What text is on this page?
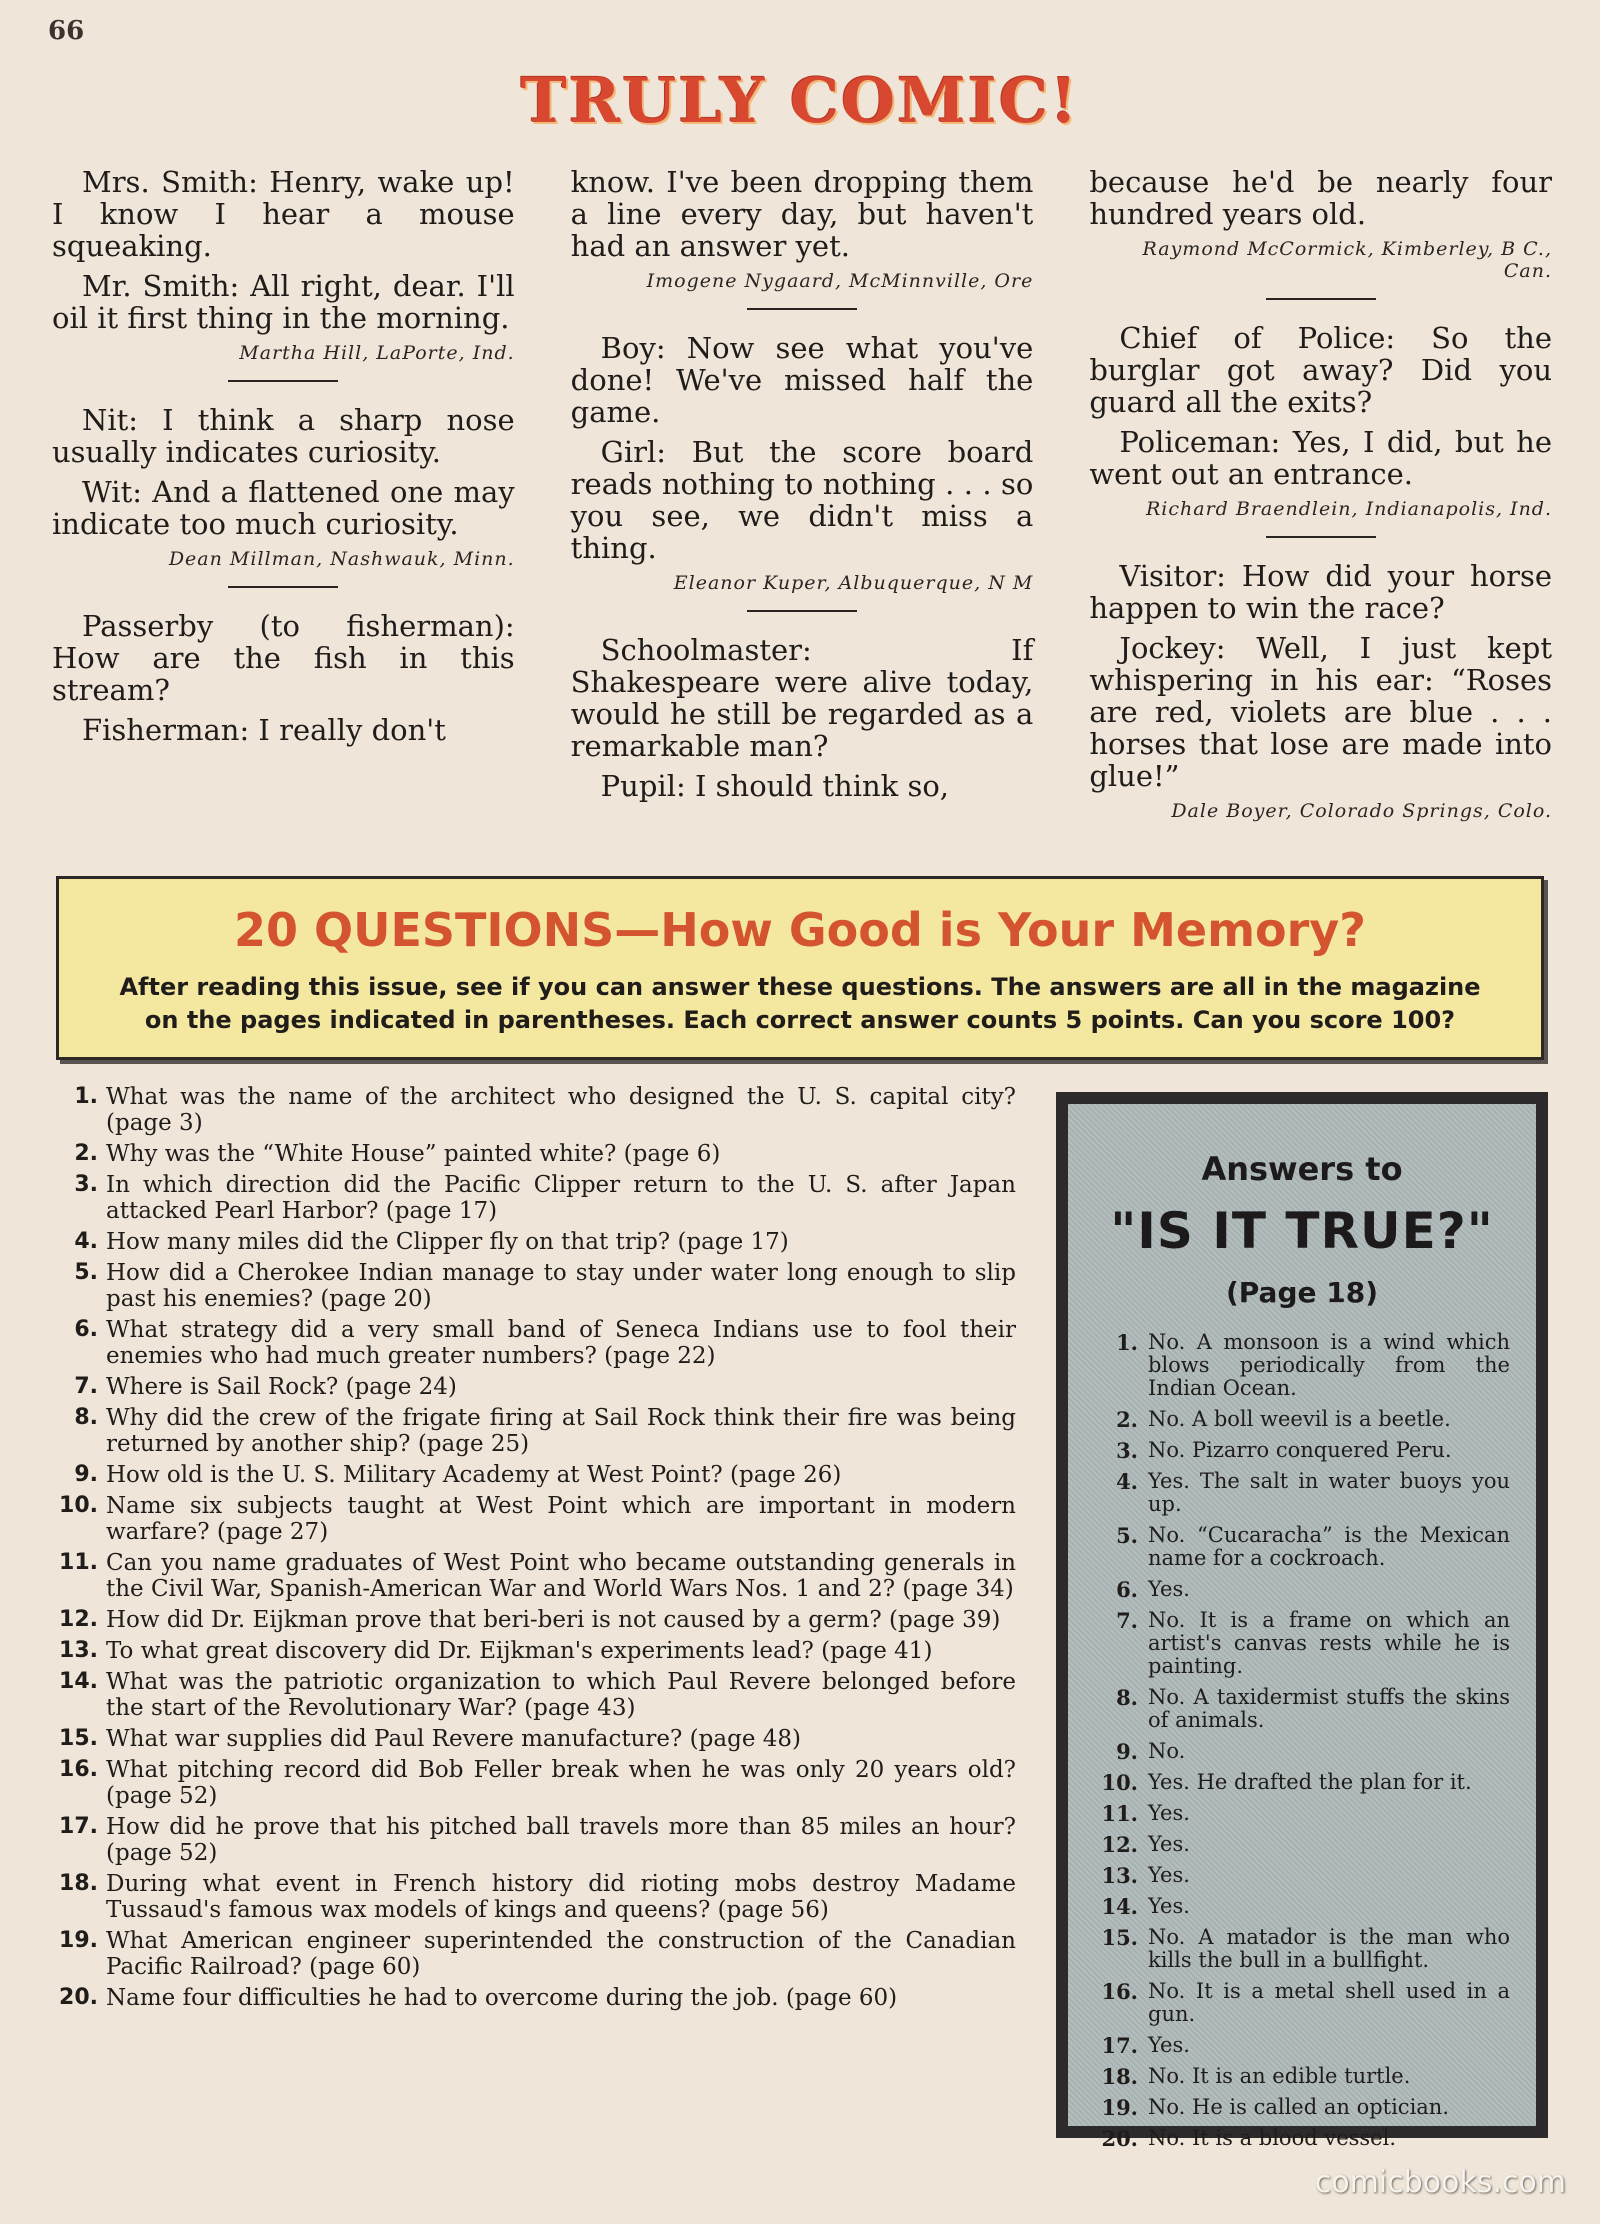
66
TRULY COMIC!

Mrs. Smith: Henry, wake up! I know I hear a mouse squeaking.

Mr. Smith: All right, dear. I'll oil it first thing in the morning.

Martha Hill, LaPorte, Ind.

Nit: I think a sharp nose usually indicates curiosity.

Wit: And a flattened one may indicate too much curiosity.

Dean Millman, Nashwauk, Minn.

Passerby (to fisherman): How are the fish in this stream?

Fisherman: I really don't

know. I've been dropping them a line every day, but haven't had an answer yet.

Imogene Nygaard, McMinnville, Ore

Boy: Now see what you've done! We've missed half the game.

Girl: But the score board reads nothing to nothing . . . so you see, we didn't miss a thing.

Eleanor Kuper, Albuquerque, N M

Schoolmaster: If Shakespeare were alive today, would he still be regarded as a remarkable man?

Pupil: I should think so,

because he'd be nearly four hundred years old.

Raymond McCormick, Kimberley, B C., Can.

Chief of Police: So the burglar got away? Did you guard all the exits?

Policeman: Yes, I did, but he went out an entrance.

Richard Braendlein, Indianapolis, Ind.

Visitor: How did your horse happen to win the race?

Jockey: Well, I just kept whispering in his ear: “Roses are red, violets are blue . . . horses that lose are made into glue!”

Dale Boyer, Colorado Springs, Colo.

20 QUESTIONS—How Good is Your Memory?
After reading this issue, see if you can answer these questions. The answers are all in the magazine on the pages indicated in parentheses. Each correct answer counts 5 points. Can you score 100?
1. What was the name of the architect who designed the U. S. capital city? (page 3)
2. Why was the “White House” painted white? (page 6)
3. In which direction did the Pacific Clipper return to the U. S. after Japan attacked Pearl Harbor? (page 17)
4. How many miles did the Clipper fly on that trip? (page 17)
5. How did a Cherokee Indian manage to stay under water long enough to slip past his enemies? (page 20)
6. What strategy did a very small band of Seneca Indians use to fool their enemies who had much greater numbers? (page 22)
7. Where is Sail Rock? (page 24)
8. Why did the crew of the frigate firing at Sail Rock think their fire was being returned by another ship? (page 25)
9. How old is the U. S. Military Academy at West Point? (page 26)
10. Name six subjects taught at West Point which are important in modern warfare? (page 27)
11. Can you name graduates of West Point who became outstanding generals in the Civil War, Spanish-American War and World Wars Nos. 1 and 2? (page 34)
12. How did Dr. Eijkman prove that beri-beri is not caused by a germ? (page 39)
13. To what great discovery did Dr. Eijkman's experiments lead? (page 41)
14. What was the patriotic organization to which Paul Revere belonged before the start of the Revolutionary War? (page 43)
15. What war supplies did Paul Revere manufacture? (page 48)
16. What pitching record did Bob Feller break when he was only 20 years old? (page 52)
17. How did he prove that his pitched ball travels more than 85 miles an hour? (page 52)
18. During what event in French history did rioting mobs destroy Madame Tussaud's famous wax models of kings and queens? (page 56)
19. What American engineer superintended the construction of the Canadian Pacific Railroad? (page 60)
20. Name four difficulties he had to overcome during the job. (page 60)
Answers to
"IS IT TRUE?"
(Page 18)
1. No. A monsoon is a wind which blows periodically from the Indian Ocean.
2. No. A boll weevil is a beetle.
3. No. Pizarro conquered Peru.
4. Yes. The salt in water buoys you up.
5. No. “Cucaracha” is the Mexican name for a cockroach.
6. Yes.
7. No. It is a frame on which an artist's canvas rests while he is painting.
8. No. A taxidermist stuffs the skins of animals.
9. No.
10. Yes. He drafted the plan for it.
11. Yes.
12. Yes.
13. Yes.
14. Yes.
15. No. A matador is the man who kills the bull in a bullfight.
16. No. It is a metal shell used in a gun.
17. Yes.
18. No. It is an edible turtle.
19. No. He is called an optician.
20. No. It is a blood vessel.
comicbooks.com
